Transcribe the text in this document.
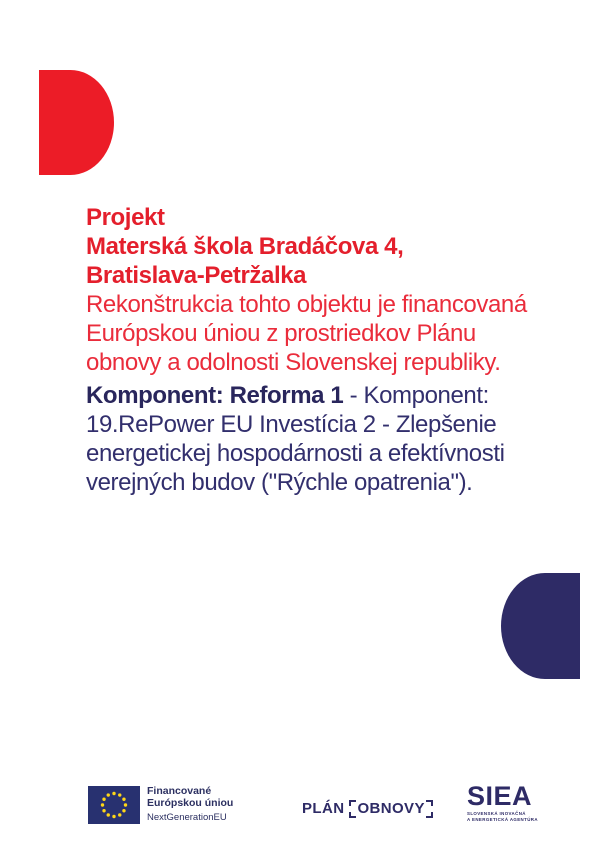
Projekt
Materská škola Bradáčova 4,
Bratislava-Petržalka
Rekonštrukcia tohto objektu je financovaná
Európskou úniou z prostriedkov Plánu
obnovy a odolnosti Slovenskej republiky.
Komponent: Reforma 1 - Komponent:
19.RePower EU Investícia 2 - Zlepšenie
energetickej hospodárnosti a efektívnosti
verejných budov ("Rýchle opatrenia").
Financované
Európskou úniou
NextGenerationEU
PLÁN OBNOVY SIEA
SLOVENSKÁ INOVAČNÁ
A ENERGETICKÁ AGENTÚRA
